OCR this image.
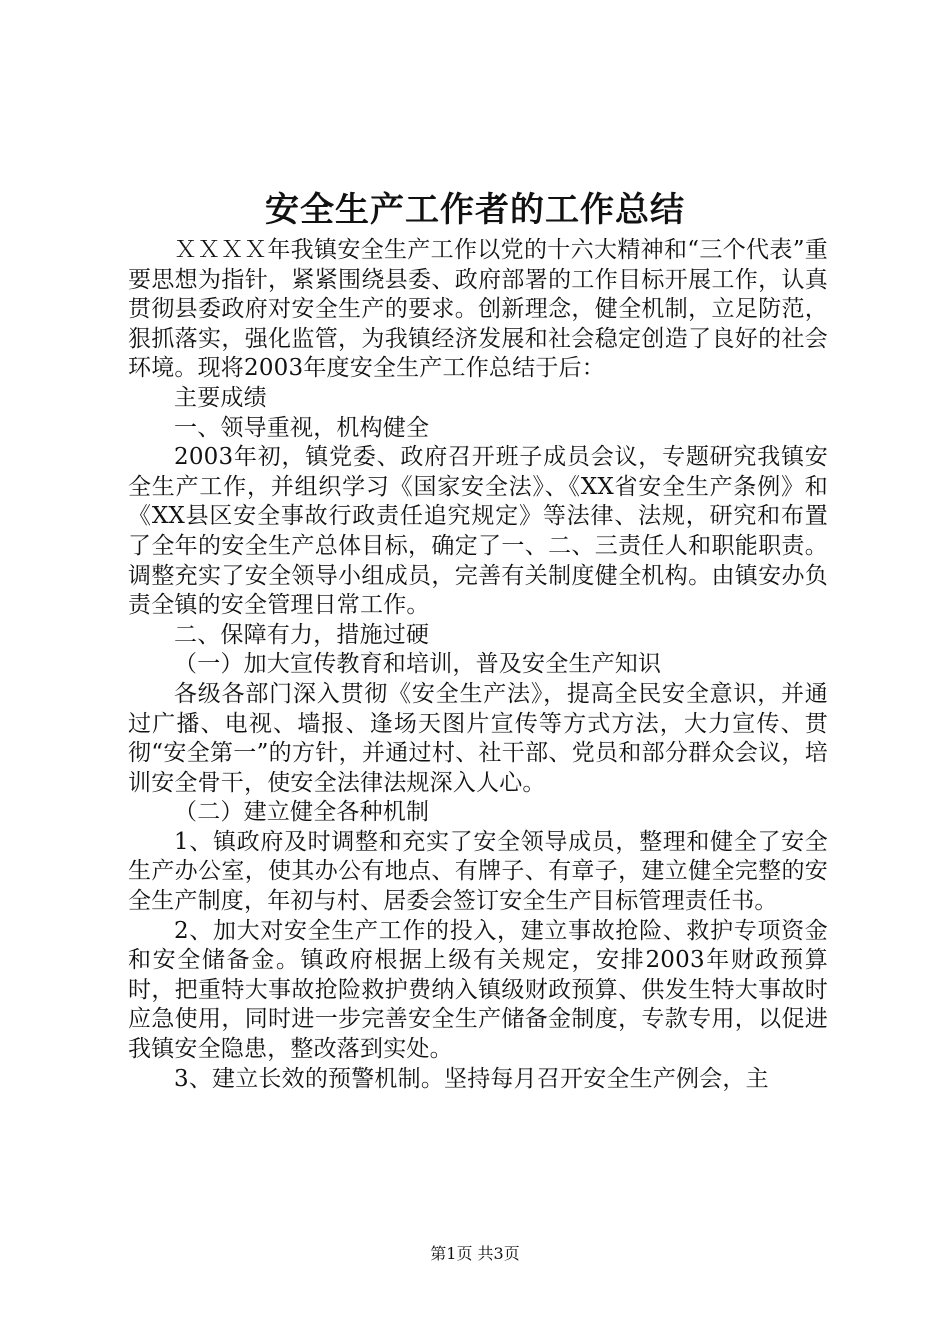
安全生产工作者的工作总结

ＸＸＸＸ年我镇安全生产工作以党的十六大精神和“三个代表”重要思想为指针，紧紧围绕县委、政府部署的工作目标开展工作，认真贯彻县委政府对安全生产的要求。创新理念，健全机制，立足防范，狠抓落实，强化监管，为我镇经济发展和社会稳定创造了良好的社会环境。现将2003年度安全生产工作总结于后：

主要成绩

一、领导重视，机构健全

2003年初，镇党委、政府召开班子成员会议，专题研究我镇安全生产工作，并组织学习《国家安全法》、《XX省安全生产条例》和《XX县区安全事故行政责任追究规定》等法律、法规，研究和布置了全年的安全生产总体目标，确定了一、二、三责任人和职能职责。调整充实了安全领导小组成员，完善有关制度健全机构。由镇安办负责全镇的安全管理日常工作。

二、保障有力，措施过硬

（一）加大宣传教育和培训，普及安全生产知识

各级各部门深入贯彻《安全生产法》，提高全民安全意识，并通过广播、电视、墙报、逢场天图片宣传等方式方法，大力宣传、贯彻“安全第一”的方针，并通过村、社干部、党员和部分群众会议，培训安全骨干，使安全法律法规深入人心。

（二）建立健全各种机制

1、镇政府及时调整和充实了安全领导成员，整理和健全了安全生产办公室，使其办公有地点、有牌子、有章子，建立健全完整的安全生产制度，年初与村、居委会签订安全生产目标管理责任书。

2、加大对安全生产工作的投入，建立事故抢险、救护专项资金和安全储备金。镇政府根据上级有关规定，安排2003年财政预算时，把重特大事故抢险救护费纳入镇级财政预算、供发生特大事故时应急使用，同时进一步完善安全生产储备金制度，专款专用，以促进我镇安全隐患，整改落到实处。

3、建立长效的预警机制。坚持每月召开安全生产例会，主

第1页 共3页
